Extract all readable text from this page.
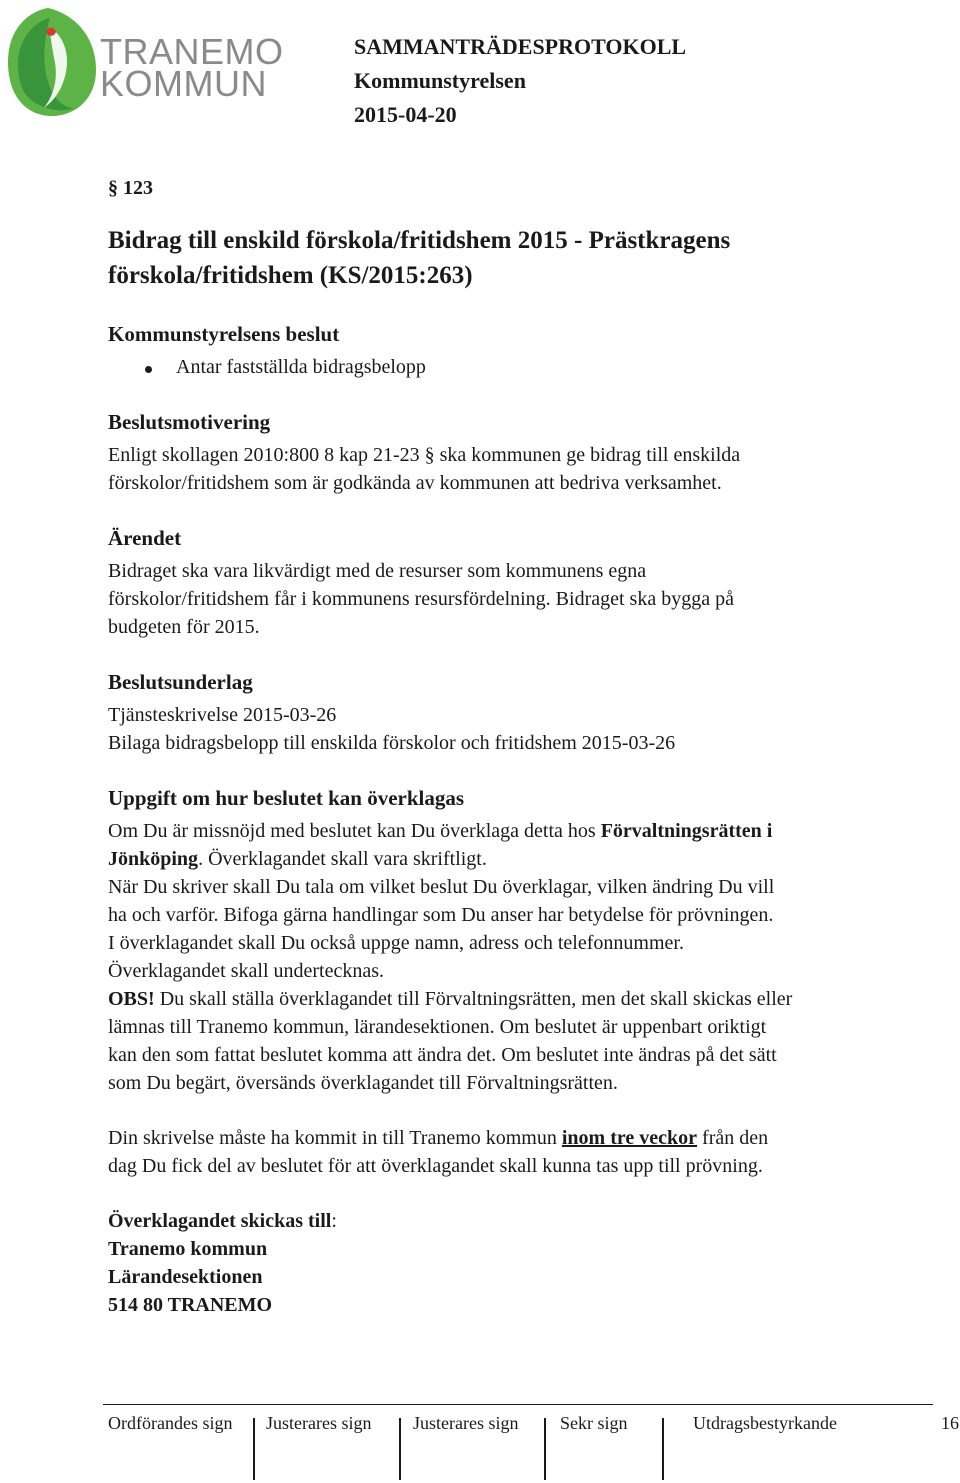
TRANEMO
KOMMUN
SAMMANTRÄDESPROTOKOLL
Kommunstyrelsen
2015-04-20
§ 123
Bidrag till enskild förskola/fritidshem 2015 - Prästkragens
förskola/fritidshem (KS/2015:263)
Kommunstyrelsens beslut
Antar fastställda bidragsbelopp
Beslutsmotivering
Enligt skollagen 2010:800 8 kap 21-23 § ska kommunen ge bidrag till enskilda
förskolor/fritidshem som är godkända av kommunen att bedriva verksamhet.
Ärendet
Bidraget ska vara likvärdigt med de resurser som kommunens egna
förskolor/fritidshem får i kommunens resursfördelning. Bidraget ska bygga på
budgeten för 2015.
Beslutsunderlag
Tjänsteskrivelse 2015-03-26
Bilaga bidragsbelopp till enskilda förskolor och fritidshem 2015-03-26
Uppgift om hur beslutet kan överklagas
Om Du är missnöjd med beslutet kan Du överklaga detta hos Förvaltningsrätten i
Jönköping. Överklagandet skall vara skriftligt.
När Du skriver skall Du tala om vilket beslut Du överklagar, vilken ändring Du vill
ha och varför. Bifoga gärna handlingar som Du anser har betydelse för prövningen.
I överklagandet skall Du också uppge namn, adress och telefonnummer.
Överklagandet skall undertecknas.
OBS! Du skall ställa överklagandet till Förvaltningsrätten, men det skall skickas eller
lämnas till Tranemo kommun, lärandesektionen. Om beslutet är uppenbart oriktigt
kan den som fattat beslutet komma att ändra det. Om beslutet inte ändras på det sätt
som Du begärt, översänds överklagandet till Förvaltningsrätten.
Din skrivelse måste ha kommit in till Tranemo kommun inom tre veckor från den
dag Du fick del av beslutet för att överklagandet skall kunna tas upp till prövning.
Överklagandet skickas till:
Tranemo kommun
Lärandesektionen
514 80 TRANEMO
Ordförandes sign Justerares sign Justerares sign Sekr sign	Utdragsbestyrkande	16
